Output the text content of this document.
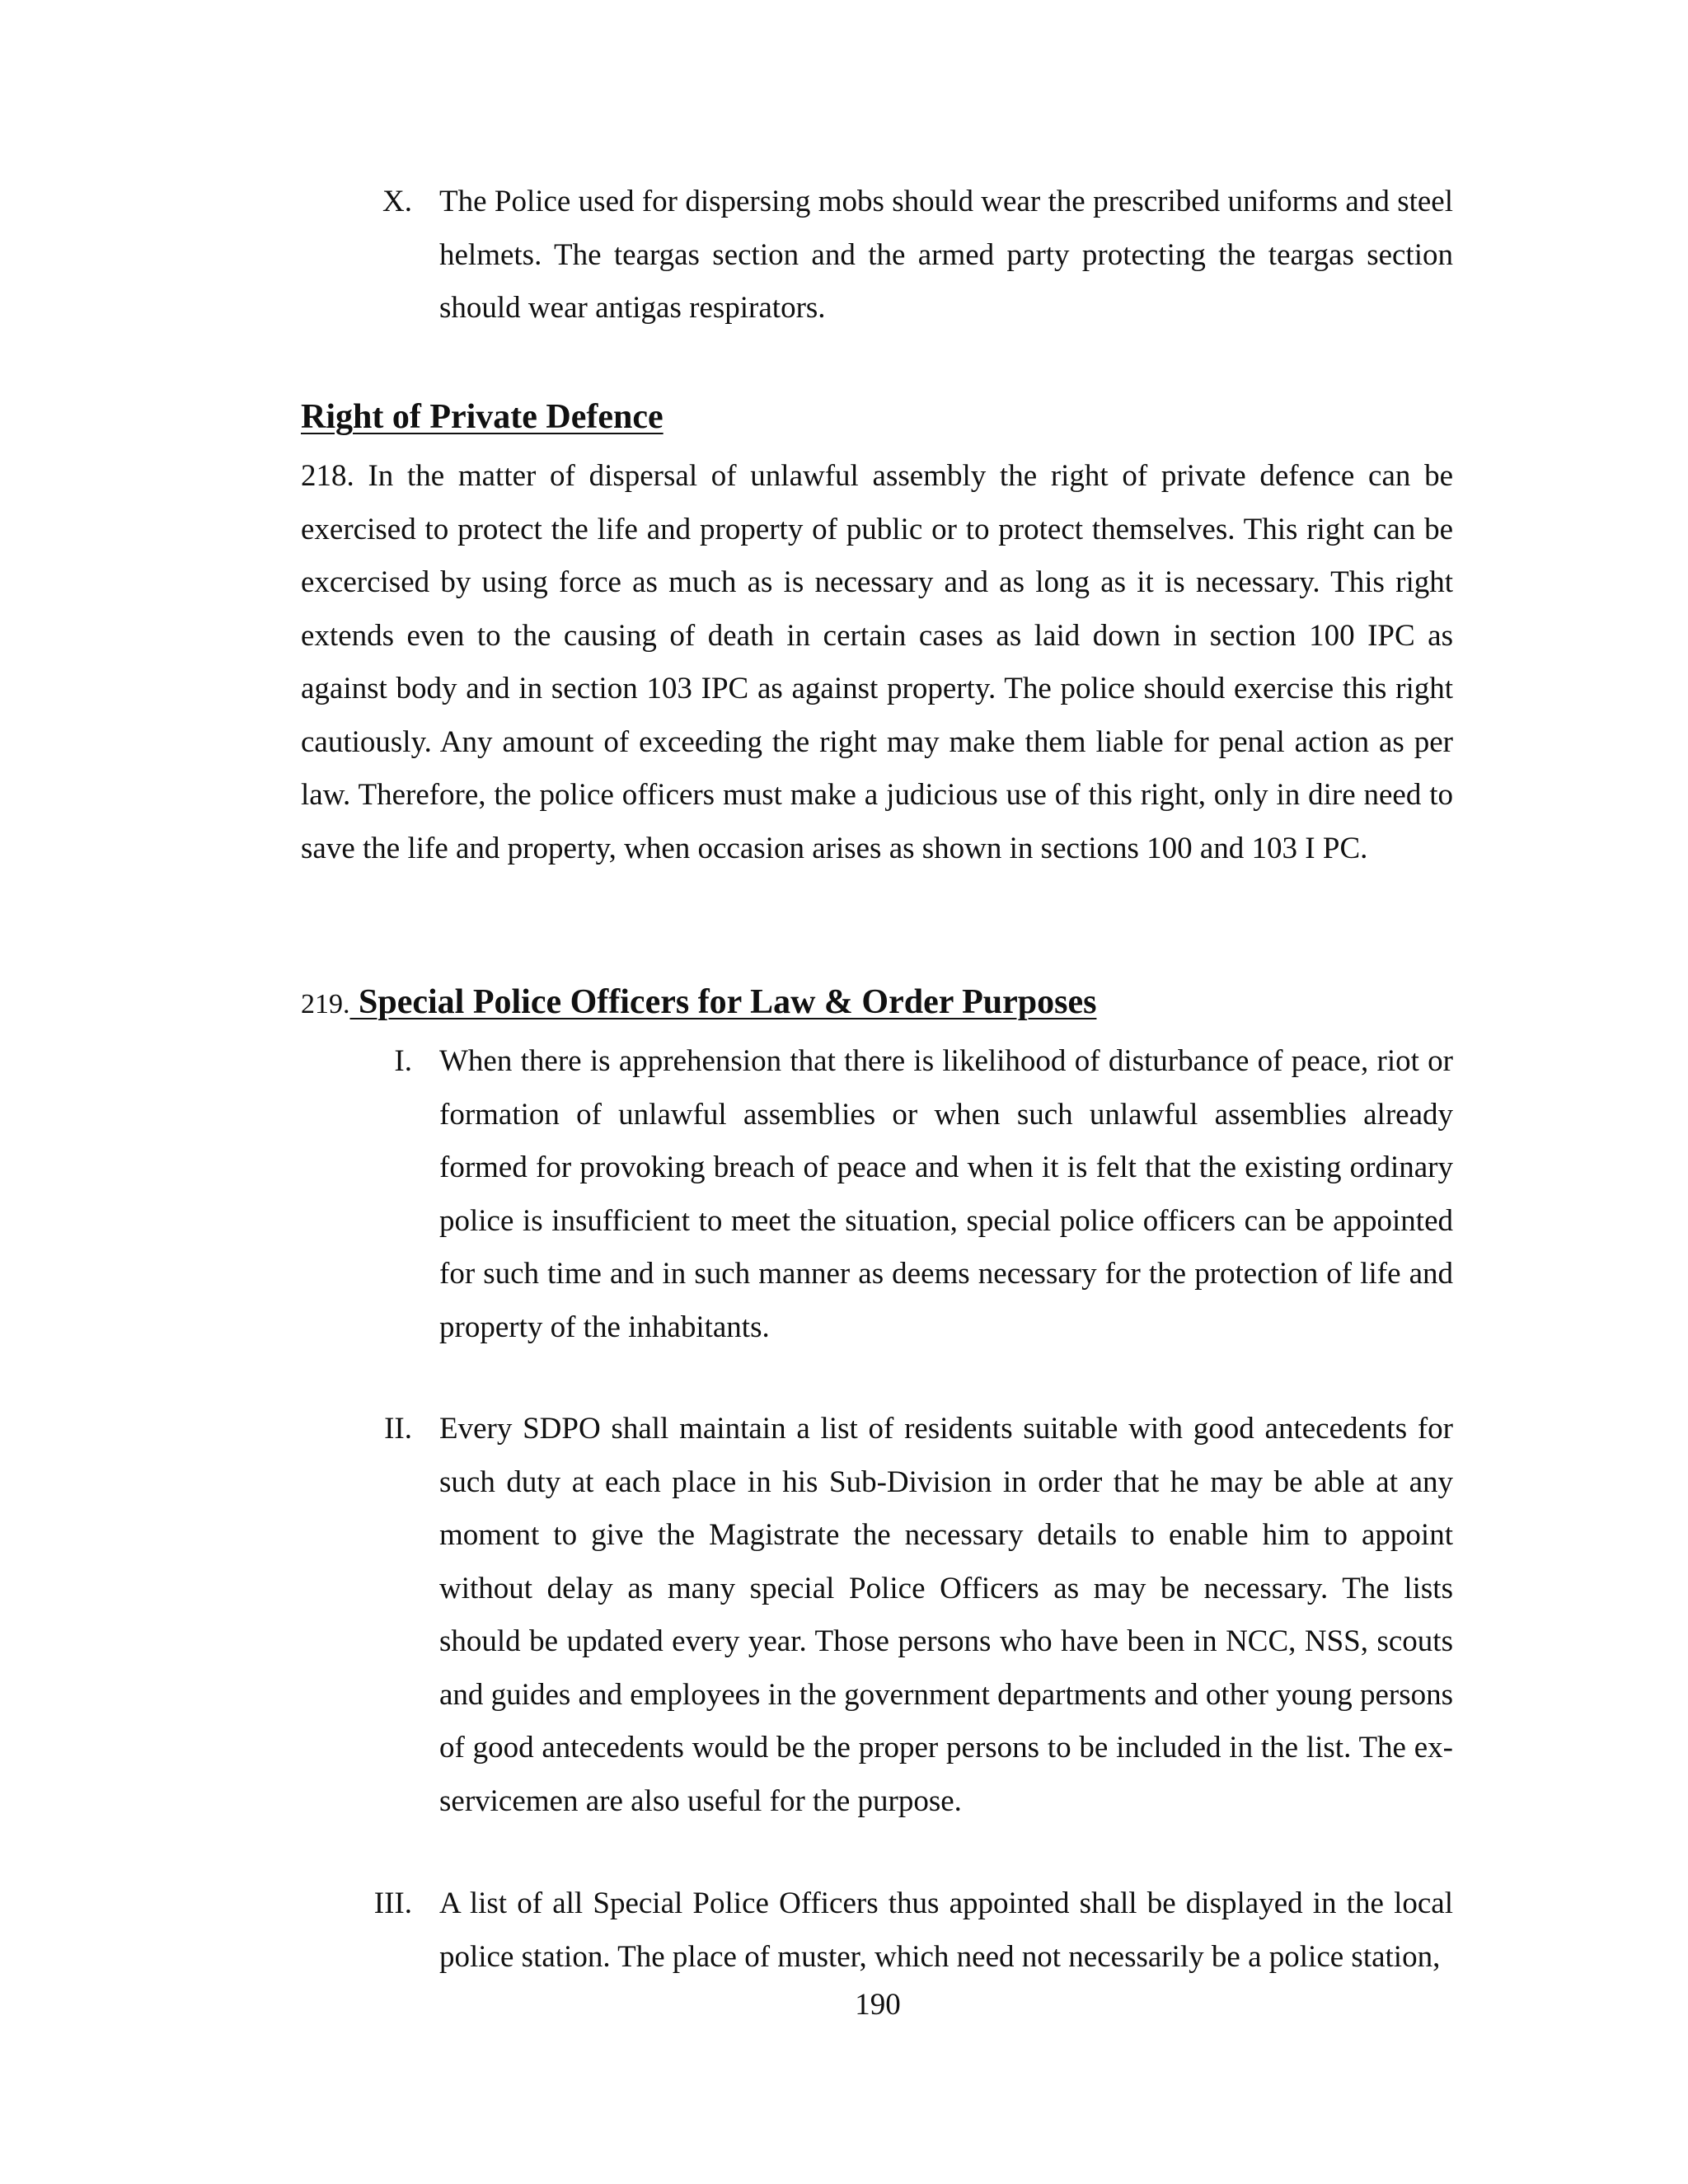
X. The Police used for dispersing mobs should wear the prescribed uniforms and steel helmets. The teargas section and the armed party protecting the teargas section should wear antigas respirators.
Right of Private Defence
218. In the matter of dispersal of unlawful assembly the right of private defence can be exercised to protect the life and property of public or to protect themselves. This right can be excercised by using force as much as is necessary and as long as it is necessary. This right extends even to the causing of death in certain cases as laid down in section 100 IPC as against body and in section 103 IPC as against property. The police should exercise this right cautiously. Any amount of exceeding the right may make them liable for penal action as per law. Therefore, the police officers must make a judicious use of this right, only in dire need to save the life and property, when occasion arises as shown in sections 100 and 103 I PC.
219. Special Police Officers for Law & Order Purposes
I. When there is apprehension that there is likelihood of disturbance of peace, riot or formation of unlawful assemblies or when such unlawful assemblies already formed for provoking breach of peace and when it is felt that the existing ordinary police is insufficient to meet the situation, special police officers can be appointed for such time and in such manner as deems necessary for the protection of life and property of the inhabitants.
II. Every SDPO shall maintain a list of residents suitable with good antecedents for such duty at each place in his Sub-Division in order that he may be able at any moment to give the Magistrate the necessary details to enable him to appoint without delay as many special Police Officers as may be necessary. The lists should be updated every year. Those persons who have been in NCC, NSS, scouts and guides and employees in the government departments and other young persons of good antecedents would be the proper persons to be included in the list. The ex-servicemen are also useful for the purpose.
III. A list of all Special Police Officers thus appointed shall be displayed in the local police station. The place of muster, which need not necessarily be a police station,
190
